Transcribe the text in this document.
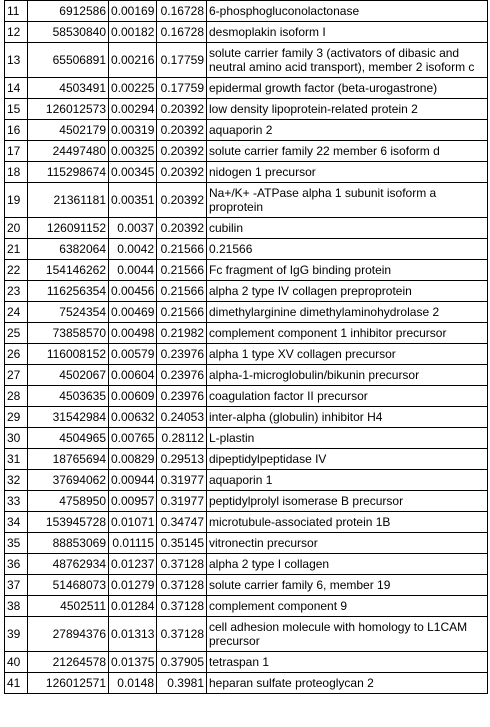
11	6912586	0.00169	0.16728	6-phosphogluconolactonase
12	58530840	0.00182	0.16728	desmoplakin isoform I
13	65506891	0.00216	0.17759	solute carrier family 3 (activators of dibasic and neutral amino acid transport), member 2 isoform c
14	4503491	0.00225	0.17759	epidermal growth factor (beta-urogastrone)
15	126012573	0.00294	0.20392	low density lipoprotein-related protein 2
16	4502179	0.00319	0.20392	aquaporin 2
17	24497480	0.00325	0.20392	solute carrier family 22 member 6 isoform d
18	115298674	0.00345	0.20392	nidogen 1 precursor
19	21361181	0.00351	0.20392	Na+/K+ -ATPase alpha 1 subunit isoform a proprotein
20	126091152	0.0037	0.20392	cubilin
21	6382064	0.0042	0.21566	0.21566
22	154146262	0.0044	0.21566	Fc fragment of IgG binding protein
23	116256354	0.00456	0.21566	alpha 2 type IV collagen preproprotein
24	7524354	0.00469	0.21566	dimethylarginine dimethylaminohydrolase 2
25	73858570	0.00498	0.21982	complement component 1 inhibitor precursor
26	116008152	0.00579	0.23976	alpha 1 type XV collagen precursor
27	4502067	0.00604	0.23976	alpha-1-microglobulin/bikunin precursor
28	4503635	0.00609	0.23976	coagulation factor II precursor
29	31542984	0.00632	0.24053	inter-alpha (globulin) inhibitor H4
30	4504965	0.00765	0.28112	L-plastin
31	18765694	0.00829	0.29513	dipeptidylpeptidase IV
32	37694062	0.00944	0.31977	aquaporin 1
33	4758950	0.00957	0.31977	peptidylprolyl isomerase B precursor
34	153945728	0.01071	0.34747	microtubule-associated protein 1B
35	88853069	0.01115	0.35145	vitronectin precursor
36	48762934	0.01237	0.37128	alpha 2 type I collagen
37	51468073	0.01279	0.37128	solute carrier family 6, member 19
38	4502511	0.01284	0.37128	complement component 9
39	27894376	0.01313	0.37128	cell adhesion molecule with homology to L1CAM precursor
40	21264578	0.01375	0.37905	tetraspan 1
41	126012571	0.0148	0.3981	heparan sulfate proteoglycan 2
